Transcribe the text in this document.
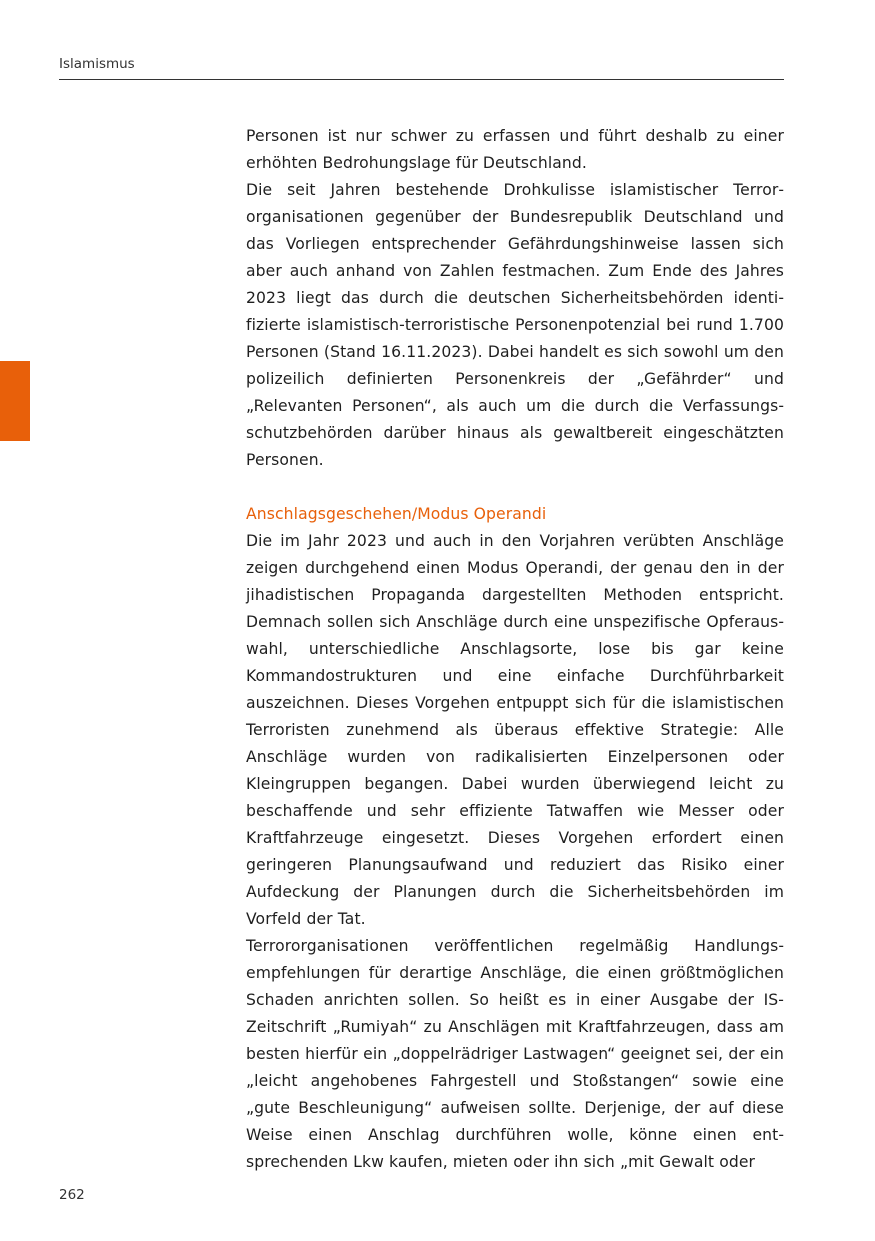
Islamismus

Personen ist nur schwer zu erfassen und führt deshalb zu einer erhöhten Bedrohungslage für Deutschland.

Die seit Jahren bestehende Drohkulisse islamistischer Terrororganisationen gegenüber der Bundesrepublik Deutschland und das Vorliegen entsprechender Gefährdungshinweise lassen sich aber auch anhand von Zahlen festmachen. Zum Ende des Jahres 2023 liegt das durch die deutschen Sicherheitsbehörden identifizierte islamistisch-terroristische Personenpotenzial bei rund 1.700 Personen (Stand 16.11.2023). Dabei handelt es sich sowohl um den polizeilich definierten Personenkreis der „Gefährder“ und „Relevanten Personen“, als auch um die durch die Verfassungsschutzbehörden darüber hinaus als gewaltbereit eingeschätzten Personen.

Anschlagsgeschehen/Modus Operandi

Die im Jahr 2023 und auch in den Vorjahren verübten Anschläge zeigen durchgehend einen Modus Operandi, der genau den in der jihadistischen Propaganda dargestellten Methoden entspricht. Demnach sollen sich Anschläge durch eine unspezifische Opferauswahl, unterschiedliche Anschlagsorte, lose bis gar keine Kommandostrukturen und eine einfache Durchführbarkeit auszeichnen. Dieses Vorgehen entpuppt sich für die islamistischen Terroristen zunehmend als überaus effektive Strategie: Alle Anschläge wurden von radikalisierten Einzelpersonen oder Kleingruppen begangen. Dabei wurden überwiegend leicht zu beschaffende und sehr effiziente Tatwaffen wie Messer oder Kraftfahrzeuge eingesetzt. Dieses Vorgehen erfordert einen geringeren Planungsaufwand und reduziert das Risiko einer Aufdeckung der Planungen durch die Sicherheitsbehörden im Vorfeld der Tat.

Terrororganisationen veröffentlichen regelmäßig Handlungsempfehlungen für derartige Anschläge, die einen größtmöglichen Schaden anrichten sollen. So heißt es in einer Ausgabe der IS-Zeitschrift „Rumiyah“ zu Anschlägen mit Kraftfahrzeugen, dass am besten hierfür ein „doppelrädriger Lastwagen“ geeignet sei, der ein „leicht angehobenes Fahrgestell und Stoßstangen“ sowie eine „gute Beschleunigung“ aufweisen sollte. Derjenige, der auf diese Weise einen Anschlag durchführen wolle, könne einen entsprechenden Lkw kaufen, mieten oder ihn sich „mit Gewalt oder

262
